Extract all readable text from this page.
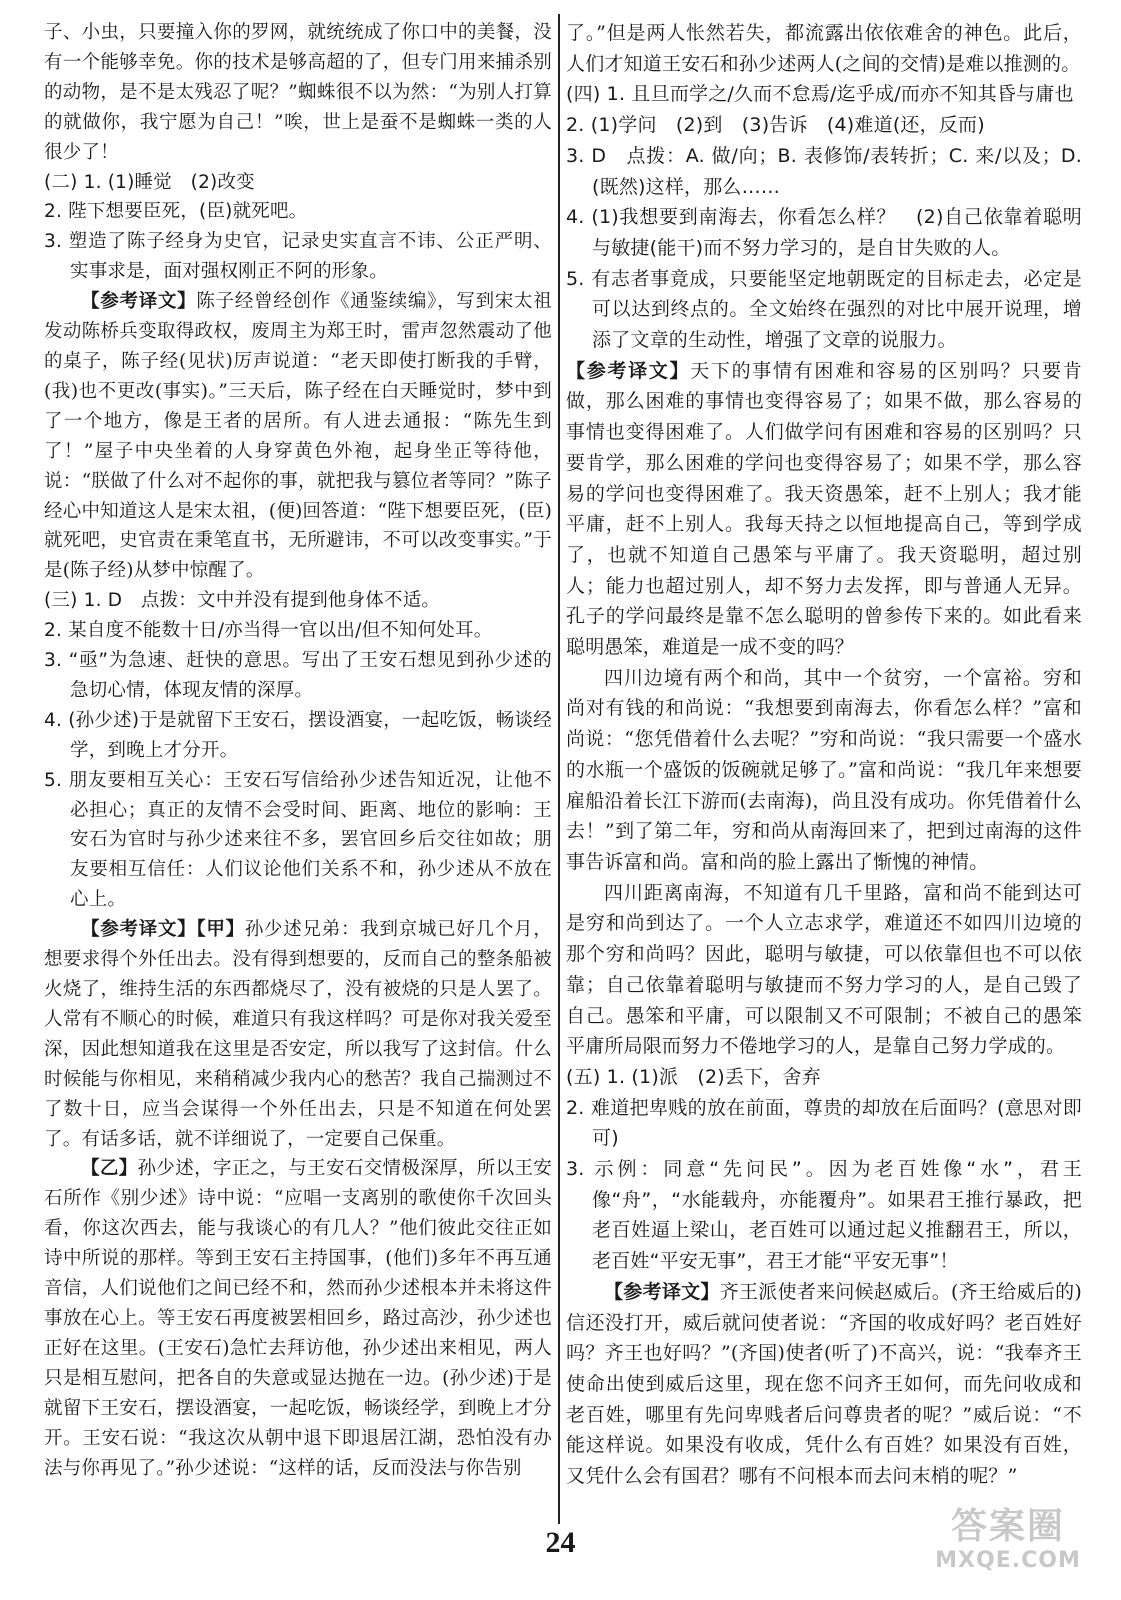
子、小虫，只要撞入你的罗网，就统统成了你口中的美餐，没有一个能够幸免。你的技术是够高超的了，但专门用来捕杀别的动物，是不是太残忍了呢？”蜘蛛很不以为然：“为别人打算的就做你，我宁愿为自己！”唉，世上是蚕不是蜘蛛一类的人很少了！

(二) 1. (1)睡觉　(2)改变

2. 陛下想要臣死，(臣)就死吧。

3. 塑造了陈子经身为史官，记录史实直言不讳、公正严明、实事求是，面对强权刚正不阿的形象。

【参考译文】陈子经曾经创作《通鉴续编》，写到宋太祖发动陈桥兵变取得政权，废周主为郑王时，雷声忽然震动了他的桌子，陈子经(见状)厉声说道：“老天即使打断我的手臂，(我)也不更改(事实)。”三天后，陈子经在白天睡觉时，梦中到了一个地方，像是王者的居所。有人进去通报：“陈先生到了！”屋子中央坐着的人身穿黄色外袍，起身坐正等待他，说：“朕做了什么对不起你的事，就把我与篡位者等同？”陈子经心中知道这人是宋太祖，(便)回答道：“陛下想要臣死，(臣)就死吧，史官责在秉笔直书，无所避讳，不可以改变事实。”于是(陈子经)从梦中惊醒了。

(三) 1. D　点拨：文中并没有提到他身体不适。

2. 某自度不能数十日/亦当得一官以出/但不知何处耳。

3. “亟”为急速、赶快的意思。写出了王安石想见到孙少述的急切心情，体现友情的深厚。

4. (孙少述)于是就留下王安石，摆设酒宴，一起吃饭，畅谈经学，到晚上才分开。

5. 朋友要相互关心：王安石写信给孙少述告知近况，让他不必担心；真正的友情不会受时间、距离、地位的影响：王安石为官时与孙少述来往不多，罢官回乡后交往如故；朋友要相互信任：人们议论他们关系不和，孙少述从不放在心上。

【参考译文】【甲】孙少述兄弟：我到京城已好几个月，想要求得个外任出去。没有得到想要的，反而自己的整条船被火烧了，维持生活的东西都烧尽了，没有被烧的只是人罢了。人常有不顺心的时候，难道只有我这样吗？可是你对我关爱至深，因此想知道我在这里是否安定，所以我写了这封信。什么时候能与你相见，来稍稍减少我内心的愁苦？我自己揣测过不了数十日，应当会谋得一个外任出去，只是不知道在何处罢了。有话多话，就不详细说了，一定要自己保重。

【乙】孙少述，字正之，与王安石交情极深厚，所以王安石所作《别少述》诗中说：“应唱一支离别的歌使你千次回头看，你这次西去，能与我谈心的有几人？”他们彼此交往正如诗中所说的那样。等到王安石主持国事，(他们)多年不再互通音信，人们说他们之间已经不和，然而孙少述根本并未将这件事放在心上。等王安石再度被罢相回乡，路过高沙，孙少述也正好在这里。(王安石)急忙去拜访他，孙少述出来相见，两人只是相互慰问，把各自的失意或显达抛在一边。(孙少述)于是就留下王安石，摆设酒宴，一起吃饭，畅谈经学，到晚上才分开。王安石说：“我这次从朝中退下即退居江湖，恐怕没有办法与你再见了。”孙少述说：“这样的话，反而没法与你告别

了。”但是两人怅然若失，都流露出依依难舍的神色。此后，人们才知道王安石和孙少述两人(之间的交情)是难以推测的。

(四) 1. 且旦而学之/久而不怠焉/迄乎成/而亦不知其昏与庸也

2. (1)学问　(2)到　(3)告诉　(4)难道(还，反而)

3. D　点拨：A. 做/向；B. 表修饰/表转折；C. 来/以及；D. (既然)这样，那么……

4. (1)我想要到南海去，你看怎么样？　(2)自己依靠着聪明与敏捷(能干)而不努力学习的，是自甘失败的人。

5. 有志者事竟成，只要能坚定地朝既定的目标走去，必定是可以达到终点的。全文始终在强烈的对比中展开说理，增添了文章的生动性，增强了文章的说服力。

【参考译文】天下的事情有困难和容易的区别吗？只要肯做，那么困难的事情也变得容易了；如果不做，那么容易的事情也变得困难了。人们做学问有困难和容易的区别吗？只要肯学，那么困难的学问也变得容易了；如果不学，那么容易的学问也变得困难了。我天资愚笨，赶不上别人；我才能平庸，赶不上别人。我每天持之以恒地提高自己，等到学成了，也就不知道自己愚笨与平庸了。我天资聪明，超过别人；能力也超过别人，却不努力去发挥，即与普通人无异。孔子的学问最终是靠不怎么聪明的曾参传下来的。如此看来聪明愚笨，难道是一成不变的吗？

四川边境有两个和尚，其中一个贫穷，一个富裕。穷和尚对有钱的和尚说：“我想要到南海去，你看怎么样？”富和尚说：“您凭借着什么去呢？”穷和尚说：“我只需要一个盛水的水瓶一个盛饭的饭碗就足够了。”富和尚说：“我几年来想要雇船沿着长江下游而(去南海)，尚且没有成功。你凭借着什么去！”到了第二年，穷和尚从南海回来了，把到过南海的这件事告诉富和尚。富和尚的脸上露出了惭愧的神情。

四川距离南海，不知道有几千里路，富和尚不能到达可是穷和尚到达了。一个人立志求学，难道还不如四川边境的那个穷和尚吗？因此，聪明与敏捷，可以依靠但也不可以依靠；自己依靠着聪明与敏捷而不努力学习的人，是自己毁了自己。愚笨和平庸，可以限制又不可限制；不被自己的愚笨平庸所局限而努力不倦地学习的人，是靠自己努力学成的。

(五) 1. (1)派　(2)丢下，舍弃

2. 难道把卑贱的放在前面，尊贵的却放在后面吗？(意思对即可)

3. 示例：同意“先问民”。因为老百姓像“水”，君王像“舟”，“水能载舟，亦能覆舟”。如果君王推行暴政，把老百姓逼上梁山，老百姓可以通过起义推翻君王，所以，老百姓“平安无事”，君王才能“平安无事”！

【参考译文】齐王派使者来问候赵威后。(齐王给威后的)信还没打开，威后就问使者说：“齐国的收成好吗？老百姓好吗？齐王也好吗？”(齐国)使者(听了)不高兴，说：“我奉齐王使命出使到威后这里，现在您不问齐王如何，而先问收成和老百姓，哪里有先问卑贱者后问尊贵者的呢？”威后说：“不能这样说。如果没有收成，凭什么有百姓？如果没有百姓，又凭什么会有国君？哪有不问根本而去问末梢的呢？”

24	答案圈
MXQE.COM
